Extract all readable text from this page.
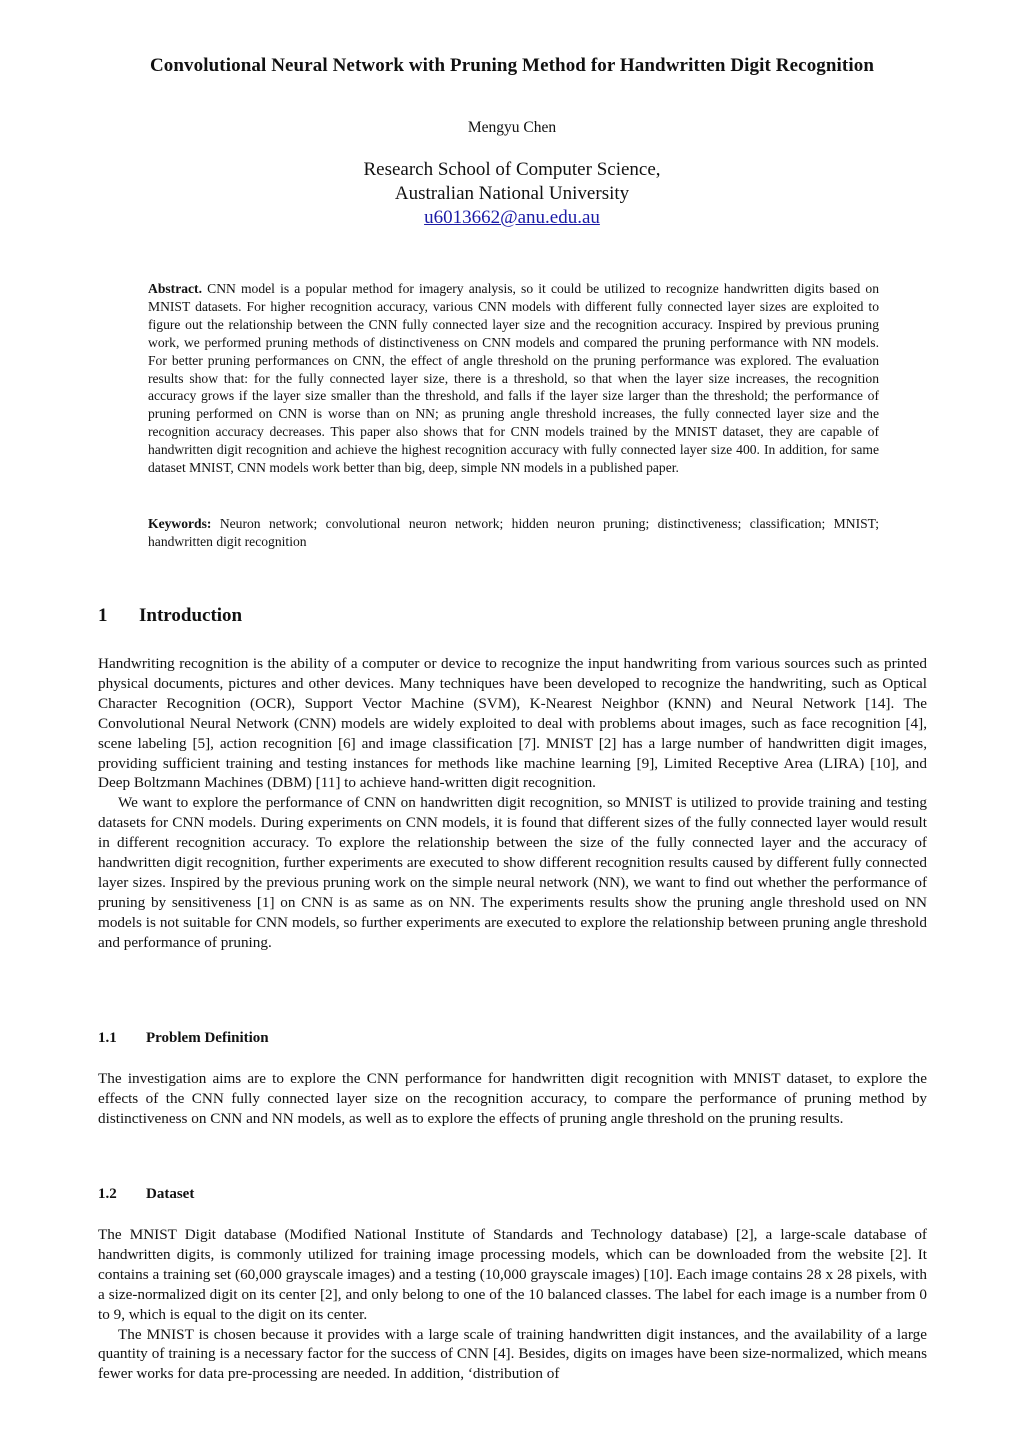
Convolutional Neural Network with Pruning Method for Handwritten Digit Recognition
Mengyu Chen
Research School of Computer Science,
Australian National University
u6013662@anu.edu.au
Abstract. CNN model is a popular method for imagery analysis, so it could be utilized to recognize handwritten digits based on MNIST datasets. For higher recognition accuracy, various CNN models with different fully connected layer sizes are exploited to figure out the relationship between the CNN fully connected layer size and the recognition accuracy. Inspired by previous pruning work, we performed pruning methods of distinctiveness on CNN models and compared the pruning performance with NN models. For better pruning performances on CNN, the effect of angle threshold on the pruning performance was explored. The evaluation results show that: for the fully connected layer size, there is a threshold, so that when the layer size increases, the recognition accuracy grows if the layer size smaller than the threshold, and falls if the layer size larger than the threshold; the performance of pruning performed on CNN is worse than on NN; as pruning angle threshold increases, the fully connected layer size and the recognition accuracy decreases. This paper also shows that for CNN models trained by the MNIST dataset, they are capable of handwritten digit recognition and achieve the highest recognition accuracy with fully connected layer size 400. In addition, for same dataset MNIST, CNN models work better than big, deep, simple NN models in a published paper.
Keywords: Neuron network; convolutional neuron network; hidden neuron pruning; distinctiveness; classification; MNIST; handwritten digit recognition
1 Introduction

Handwriting recognition is the ability of a computer or device to recognize the input handwriting from various sources such as printed physical documents, pictures and other devices. Many techniques have been developed to recognize the handwriting, such as Optical Character Recognition (OCR), Support Vector Machine (SVM), K-Nearest Neighbor (KNN) and Neural Network [14]. The Convolutional Neural Network (CNN) models are widely exploited to deal with problems about images, such as face recognition [4], scene labeling [5], action recognition [6] and image classification [7]. MNIST [2] has a large number of handwritten digit images, providing sufficient training and testing instances for methods like machine learning [9], Limited Receptive Area (LIRA) [10], and Deep Boltzmann Machines (DBM) [11] to achieve hand-written digit recognition.

We want to explore the performance of CNN on handwritten digit recognition, so MNIST is utilized to provide training and testing datasets for CNN models. During experiments on CNN models, it is found that different sizes of the fully connected layer would result in different recognition accuracy. To explore the relationship between the size of the fully connected layer and the accuracy of handwritten digit recognition, further experiments are executed to show different recognition results caused by different fully connected layer sizes. Inspired by the previous pruning work on the simple neural network (NN), we want to find out whether the performance of pruning by sensitiveness [1] on CNN is as same as on NN. The experiments results show the pruning angle threshold used on NN models is not suitable for CNN models, so further experiments are executed to explore the relationship between pruning angle threshold and performance of pruning.

1.1 Problem Definition

The investigation aims are to explore the CNN performance for handwritten digit recognition with MNIST dataset, to explore the effects of the CNN fully connected layer size on the recognition accuracy, to compare the performance of pruning method by distinctiveness on CNN and NN models, as well as to explore the effects of pruning angle threshold on the pruning results.

1.2 Dataset

The MNIST Digit database (Modified National Institute of Standards and Technology database) [2], a large-scale database of handwritten digits, is commonly utilized for training image processing models, which can be downloaded from the website [2]. It contains a training set (60,000 grayscale images) and a testing (10,000 grayscale images) [10]. Each image contains 28 x 28 pixels, with a size-normalized digit on its center [2], and only belong to one of the 10 balanced classes. The label for each image is a number from 0 to 9, which is equal to the digit on its center.

The MNIST is chosen because it provides with a large scale of training handwritten digit instances, and the availability of a large quantity of training is a necessary factor for the success of CNN [4]. Besides, digits on images have been size-normalized, which means fewer works for data pre-processing are needed. In addition, ‘distribution of
